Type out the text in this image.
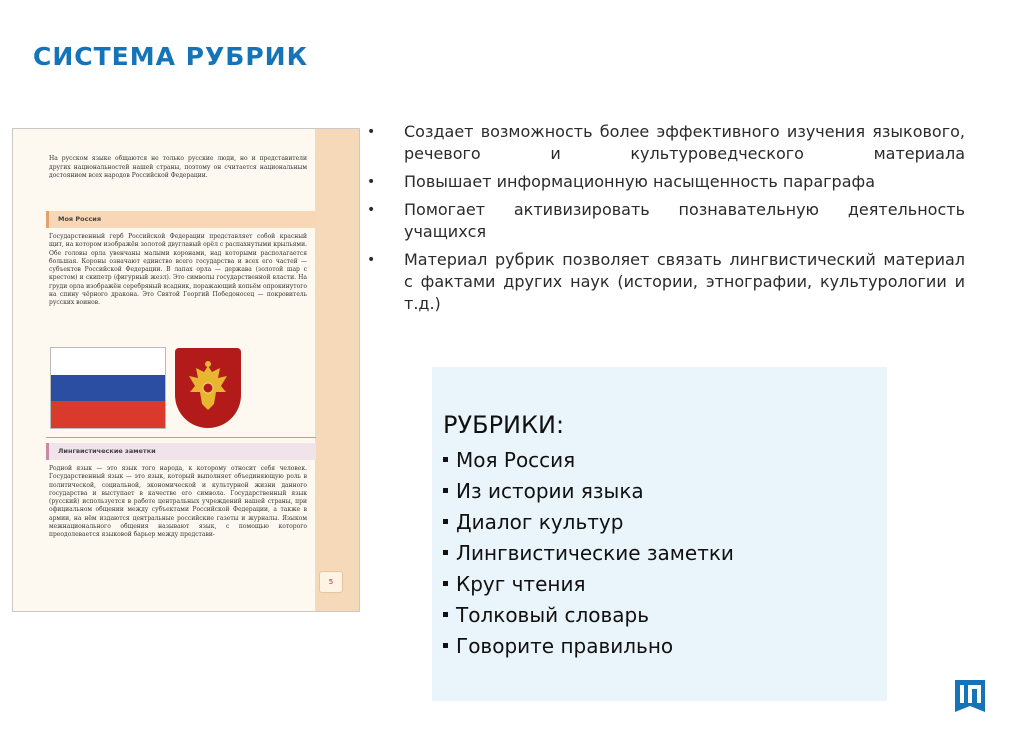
СИСТЕМА РУБРИК

На русском языке общаются не только русские люди, но и представители других национальностей нашей страны, поэтому он считается национальным достоянием всех народов Российской Федерации.

Моя Россия

Государственный герб Российской Федерации представляет собой красный щит, на котором изображён золотой двуглавый орёл с распахнутыми крыльями. Обе головы орла увенчаны малыми коронами, над которыми располагается большая. Короны означают единство всего государства и всех его частей — субъектов Российской Федерации. В лапах орла — держава (золотой шар с крестом) и скипетр (фигурный жезл). Это символы государственной власти. На груди орла изображён серебряный всадник, поражающий копьём опрокинутого на спину чёрного дракона. Это Святой Георгий Победоносец — покровитель русских воинов.

Лингвистические заметки

Родной язык — это язык того народа, к которому относит себя человек. Государственный язык — это язык, который выполняет объединяющую роль в политической, социальной, экономической и культурной жизни данного государства и выступает в качестве его символа. Государственный язык (русский) используется в работе центральных учреждений нашей страны, при официальном общении между субъектами Российской Федерации, а также в армии, на нём издаются центральные российские газеты и журналы. Языком межнационального общения называют язык, с помощью которого преодолевается языковой барьер между представи-

5
• Создает возможность более эффективного изучения языкового, речевого и культуроведческого материала
• Повышает информационную насыщенность параграфа
• Помогает активизировать познавательную деятельность учащихся
• Материал рубрик позволяет связать лингвистический материал с фактами других наук (истории, этнографии, культурологии и т.д.)
РУБРИКИ:
Моя Россия
Из истории языка
Диалог культур
Лингвистические заметки
Круг чтения
Толковый словарь
Говорите правильно
